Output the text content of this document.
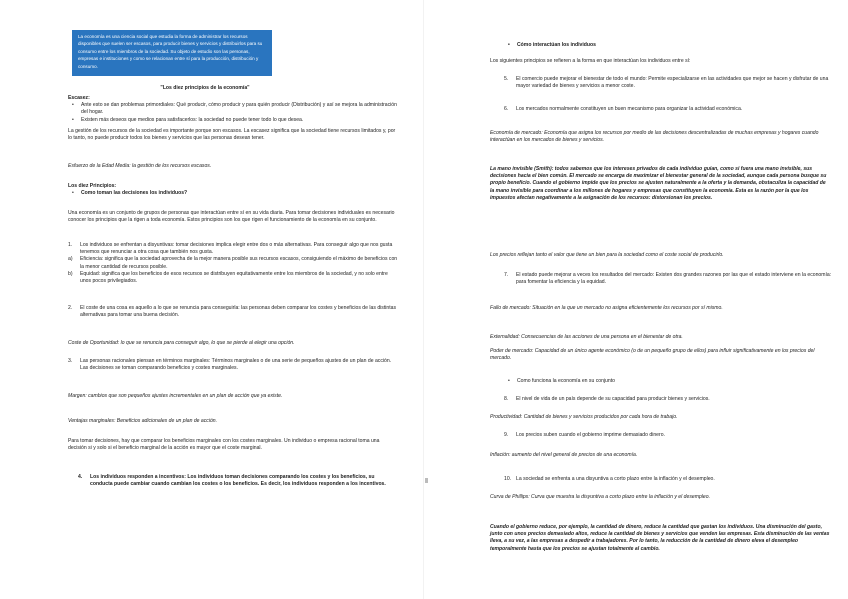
La economía es una ciencia social que estudia la forma de administrar los recursos disponibles que suelen ser escasos, para producir bienes y servicios y distribuirlos para su consumo entre los miembros de la sociedad. Su objeto de estudio son las personas, empresas e instituciones y como se relacionan entre sí para la producción, distribución y consumo.

"Los diez principios de la economía"

Escasez:

•	Ante esto se dan problemas primordiales: Qué producir, cómo producir y para quién producir (Distribución) y así se mejora la administración del hogar.
•	Existen más deseos que medios para satisfacerlos: la sociedad no puede tener todo lo que desea.
La gestión de los recursos de la sociedad es importante porque son escasos. La escasez significa que la sociedad tiene recursos limitados y, por lo tanto, no puede producir todos los bienes y servicios que las personas desean tener.
Esfuerzo de la Edad Media: la gestión de los recursos escasos.

Los diez Principios:

•	Como toman las decisiones los individuos?
Una economía es un conjunto de grupos de personas que interactúan entre sí en su vida diaria. Para tomar decisiones individuales es necesario conocer los principios que la rigen a toda economía. Estos principios son los que rigen el funcionamiento de la economía en su conjunto.
1.	Los individuos se enfrentan a disyuntivas: tomar decisiones implica elegir entre dos o más alternativas. Para conseguir algo que nos gusta tenemos que renunciar a otra cosa que también nos gusta.
a)	Eficiencia: significa que la sociedad aprovecha de la mejor manera posible sus recursos escasos, consiguiendo el máximo de beneficios con la menor cantidad de recursos posible.
b)	Equidad: significa que los beneficios de esos recursos se distribuyen equitativamente entre los miembros de la sociedad, y no solo entre unos pocos privilegiados.
2.	El coste de una cosa es aquello a lo que se renuncia para conseguirla: las personas deben comparar los costes y beneficios de las distintas alternativas para tomar una buena decisión.
Coste de Oportunidad: lo que se renuncia para conseguir algo, lo que se pierde al elegir una opción.
3.	Las personas racionales piensan en términos marginales: Términos marginales o de una serie de pequeños ajustes de un plan de acción. Las decisiones se toman comparando beneficios y costes marginales.
Margen: cambios que son pequeños ajustes incrementales en un plan de acción que ya existe.
Ventajas marginales: Beneficios adicionales de un plan de acción.
Para tomar decisiones, hay que comparar los beneficios marginales con los costes marginales. Un individuo o empresa racional toma una decisión si y solo si el beneficio marginal de la acción es mayor que el coste marginal.
4.	Los individuos responden a incentivos: Los individuos toman decisiones comparando los costes y los beneficios, su conducta puede cambiar cuando cambian los costes o los beneficios. Es decir, los individuos responden a los incentivos.
•	Cómo interactúan los individuos
Los siguientes principios se refieren a la forma en que interactúan los individuos entre sí:
5.	El comercio puede mejorar el bienestar de todo el mundo: Permite especializarse en las actividades que mejor se hacen y disfrutar de una mayor variedad de bienes y servicios a menor coste.
6.	Los mercados normalmente constituyen un buen mecanismo para organizar la actividad económica.
Economía de mercado: Economía que asigna los recursos por medio de las decisiones descentralizadas de muchas empresas y hogares cuando interactúan en los mercados de bienes y servicios.
La mano invisible (Smith): todos sabemos que los intereses privados de cada individuo guían, como si fuera una mano invisible, sus decisiones hacia el bien común. El mercado se encarga de maximizar el bienestar general de la sociedad, aunque cada persona busque su propio beneficio. Cuando el gobierno impide que los precios se ajusten naturalmente a la oferta y la demanda, obstaculiza la capacidad de la mano invisible para coordinar a los millones de hogares y empresas que constituyen la economía. Esta es la razón por la que los impuestos afectan negativamente a la asignación de los recursos: distorsionan los precios.
Los precios reflejan tanto el valor que tiene un bien para la sociedad como el coste social de producirlo.
7.	El estado puede mejorar a veces los resultados del mercado: Existen dos grandes razones por las que el estado interviene en la economía: para fomentar la eficiencia y la equidad.
Fallo de mercado: Situación en la que un mercado no asigna eficientemente los recursos por sí mismo.
Externalidad: Consecuencias de las acciones de una persona en el bienestar de otra.
Poder de mercado: Capacidad de un único agente económico (o de un pequeño grupo de ellos) para influir significativamente en los precios del mercado.
•	Como funciona la economía en su conjunto
8.	El nivel de vida de un país depende de su capacidad para producir bienes y servicios.
Productividad: Cantidad de bienes y servicios producidos por cada hora de trabajo.
9.	Los precios suben cuando el gobierno imprime demasiado dinero.
Inflación: aumento del nivel general de precios de una economía.
10. La sociedad se enfrenta a una disyuntiva a corto plazo entre la inflación y el desempleo.
Curva de Phillips: Curva que muestra la disyuntiva a corto plazo entre la inflación y el desempleo.
Cuando el gobierno reduce, por ejemplo, la cantidad de dinero, reduce la cantidad que gastan los individuos. Una disminución del gasto, junto con unos precios demasiado altos, reduce la cantidad de bienes y servicios que venden las empresas. Esta disminución de las ventas lleva, a su vez, a las empresas a despedir a trabajadores. Por lo tanto, la reducción de la cantidad de dinero eleva el desempleo temporalmente hasta que los precios se ajustan totalmente al cambio.
